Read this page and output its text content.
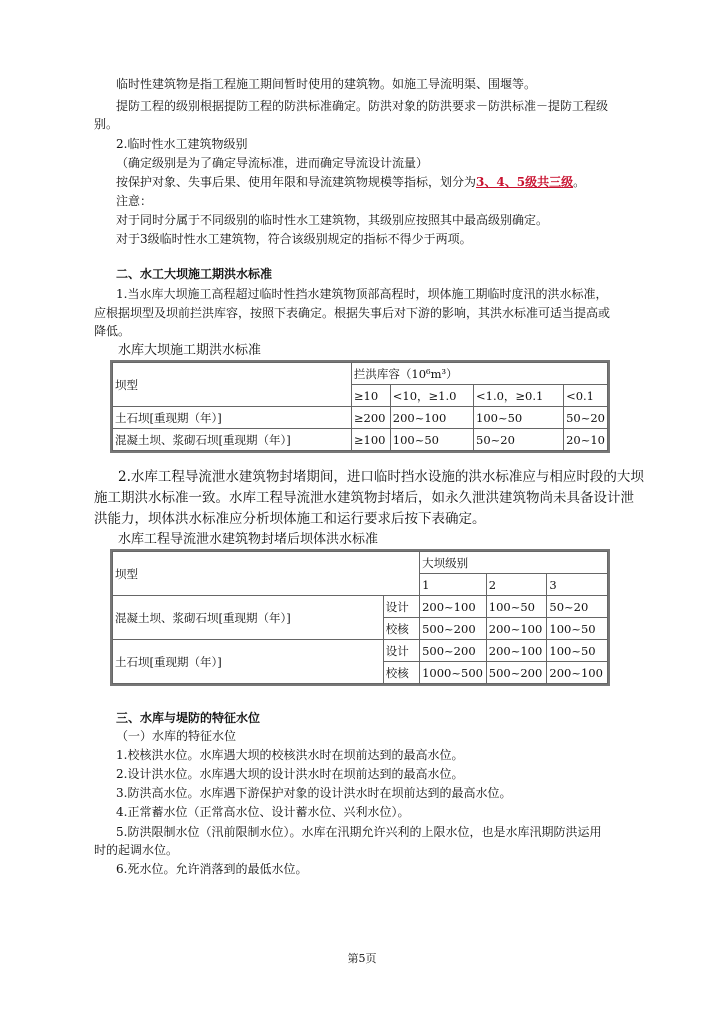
临时性建筑物是指工程施工期间暂时使用的建筑物。如施工导流明渠、围堰等。
提防工程的级别根据提防工程的防洪标准确定。防洪对象的防洪要求－防洪标准－提防工程级
别。
2.临时性水工建筑物级别
（确定级别是为了确定导流标准，进而确定导流设计流量）
按保护对象、失事后果、使用年限和导流建筑物规模等指标，划分为3、4、5级共三级。
注意：
对于同时分属于不同级别的临时性水工建筑物，其级别应按照其中最高级别确定。
对于3级临时性水工建筑物，符合该级别规定的指标不得少于两项。
二、水工大坝施工期洪水标准
1.当水库大坝施工高程超过临时性挡水建筑物顶部高程时，坝体施工期临时度汛的洪水标准，
应根据坝型及坝前拦洪库容，按照下表确定。根据失事后对下游的影响，其洪水标准可适当提高或
降低。
水库大坝施工期洪水标准
坝型	拦洪库容（10⁶m³）			
	≥10	<10，≥1.0	<1.0，≥0.1	<0.1
土石坝[重现期（年）]	≥200	200~100	100~50	50~20
混凝土坝、浆砌石坝[重现期（年）]	≥100	100~50	50~20	20~10
2.水库工程导流泄水建筑物封堵期间，进口临时挡水设施的洪水标准应与相应时段的大坝施工期洪水标准一致。水库工程导流泄水建筑物封堵后，如永久泄洪建筑物尚未具备设计泄洪能力，坝体洪水标准应分析坝体施工和运行要求后按下表确定。
水库工程导流泄水建筑物封堵后坝体洪水标准
坝型		大坝级别		
		1	2	3
混凝土坝、浆砌石坝[重现期（年）]	设计	200~100	100~50	50~20
	校核	500~200	200~100	100~50
土石坝[重现期（年）]	设计	500~200	200~100	100~50
	校核	1000~500	500~200	200~100
三、水库与堤防的特征水位
（一）水库的特征水位
1.校核洪水位。水库遇大坝的校核洪水时在坝前达到的最高水位。
2.设计洪水位。水库遇大坝的设计洪水时在坝前达到的最高水位。
3.防洪高水位。水库遇下游保护对象的设计洪水时在坝前达到的最高水位。
4.正常蓄水位（正常高水位、设计蓄水位、兴利水位）。
5.防洪限制水位（汛前限制水位）。水库在汛期允许兴利的上限水位，也是水库汛期防洪运用
时的起调水位。
6.死水位。允许消落到的最低水位。
第5页
